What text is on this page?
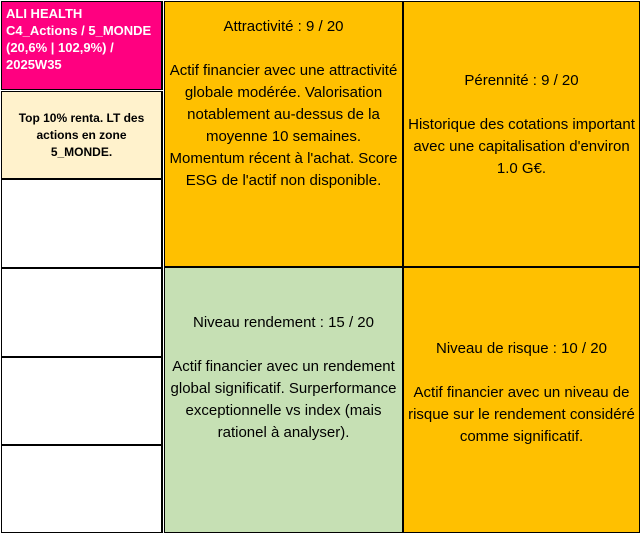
ALI HEALTH
C4_Actions / 5_MONDE
(20,6% | 102,9%) /
2025W35
Top 10% renta. LT des actions en zone 5_MONDE.
Attractivité : 9 / 20
Actif financier avec une attractivité globale modérée. Valorisation notablement au-dessus de la moyenne 10 semaines. Momentum récent à l'achat. Score ESG de l'actif non disponible.
Pérennité : 9 / 20
Historique des cotations important avec une capitalisation d'environ 1.0 G€.
Niveau rendement : 15 / 20
Actif financier avec un rendement global significatif. Surperformance exceptionnelle vs index (mais rationel à analyser).
Niveau de risque : 10 / 20
Actif financier avec un niveau de risque sur le rendement considéré comme significatif.
